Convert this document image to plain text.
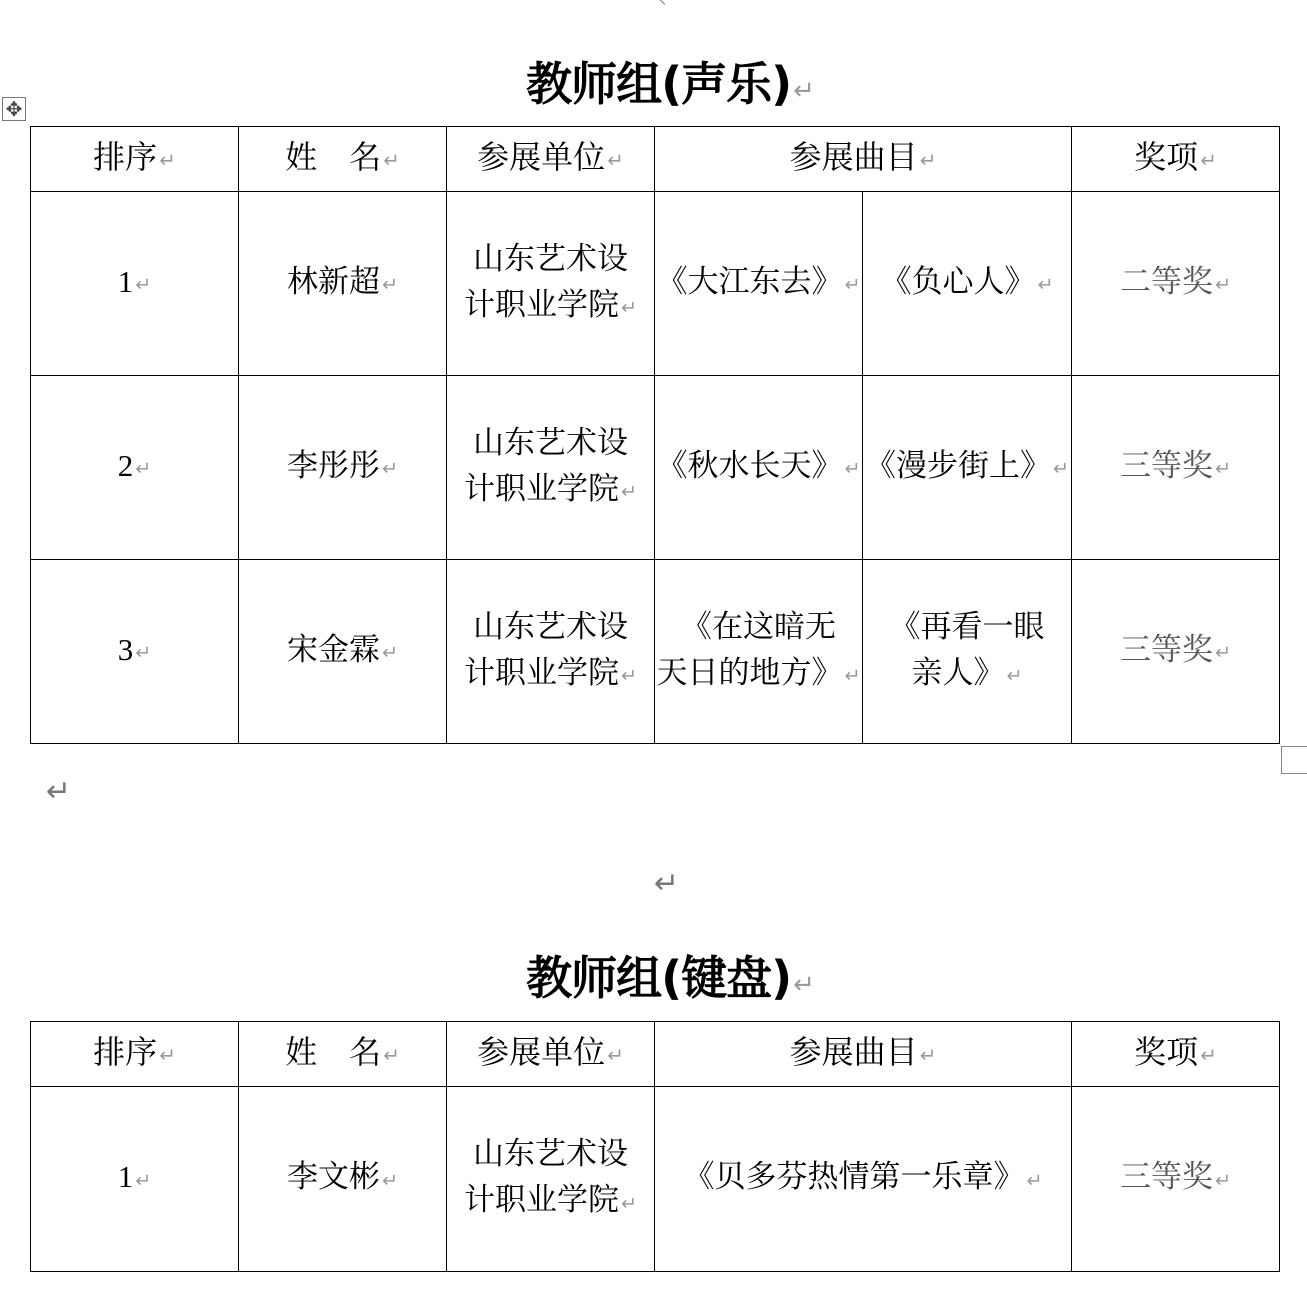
教师组(声乐)↵
✥
排序 ↵	姓　名 ↵	参展单位 ↵	参展曲目 ↵		奖项 ↵
1 ↵	林新超 ↵	山东艺术设
计职业学院 ↵	《大江东去》 ↵	《负心人》 ↵	二等奖 ↵
2 ↵	李彤彤 ↵	山东艺术设
计职业学院 ↵	《秋水长天》 ↵	《漫步街上》 ↵	三等奖 ↵
3 ↵	宋金霖 ↵	山东艺术设
计职业学院 ↵	《在这暗无
天日的地方》 ↵	《再看一眼
亲人》 ↵	三等奖 ↵
↵
↵
教师组(键盘)↵
排序 ↵	姓　名 ↵	参展单位 ↵	参展曲目 ↵	奖项 ↵
1 ↵	李文彬 ↵	山东艺术设
计职业学院 ↵	《贝多芬热情第一乐章》 ↵	三等奖 ↵
